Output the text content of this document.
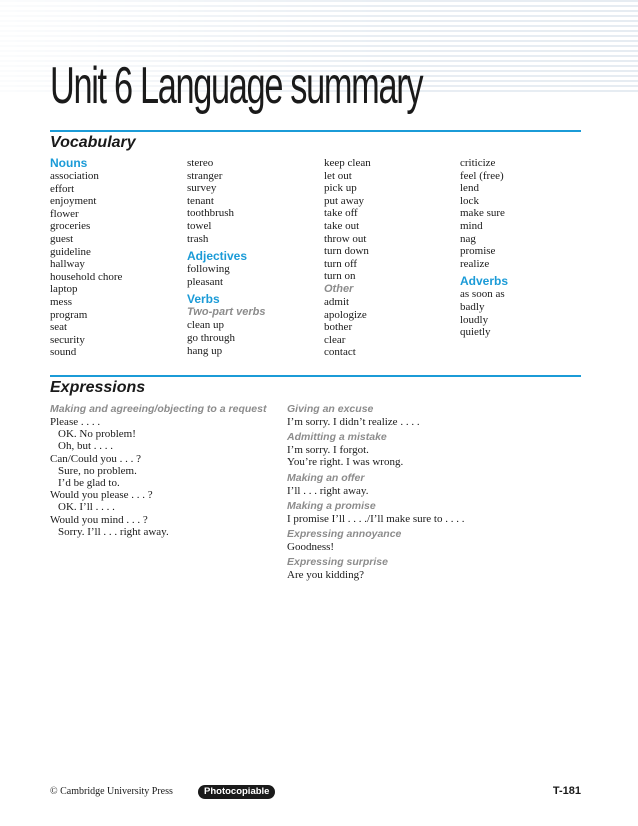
Unit 6 Language summary
Vocabulary
Nouns
association
effort
enjoyment
flower
groceries
guest
guideline
hallway
household chore
laptop
mess
program
seat
security
sound
stereo
stranger
survey
tenant
toothbrush
towel
trash
Adjectives
following
pleasant
Verbs
Two-part verbs
clean up
go through
hang up
keep clean
let out
pick up
put away
take off
take out
throw out
turn down
turn off
turn on
Other
admit
apologize
bother
clear
contact
criticize
feel (free)
lend
lock
make sure
mind
nag
promise
realize
Adverbs
as soon as
badly
loudly
quietly
Expressions
Making and agreeing/objecting to a request
Please . . . .
OK. No problem!
Oh, but . . . .
Can/Could you . . . ?
Sure, no problem.
I’d be glad to.
Would you please . . . ?
OK. I’ll . . . .
Would you mind . . . ?
Sorry. I’ll . . . right away.
Giving an excuse
I’m sorry. I didn’t realize . . . .
Admitting a mistake
I’m sorry. I forgot.
You’re right. I was wrong.
Making an offer
I’ll . . . right away.
Making a promise
I promise I’ll . . . ./I’ll make sure to . . . .
Expressing annoyance
Goodness!
Expressing surprise
Are you kidding?
© Cambridge University Press	Photocopiable	T-181
